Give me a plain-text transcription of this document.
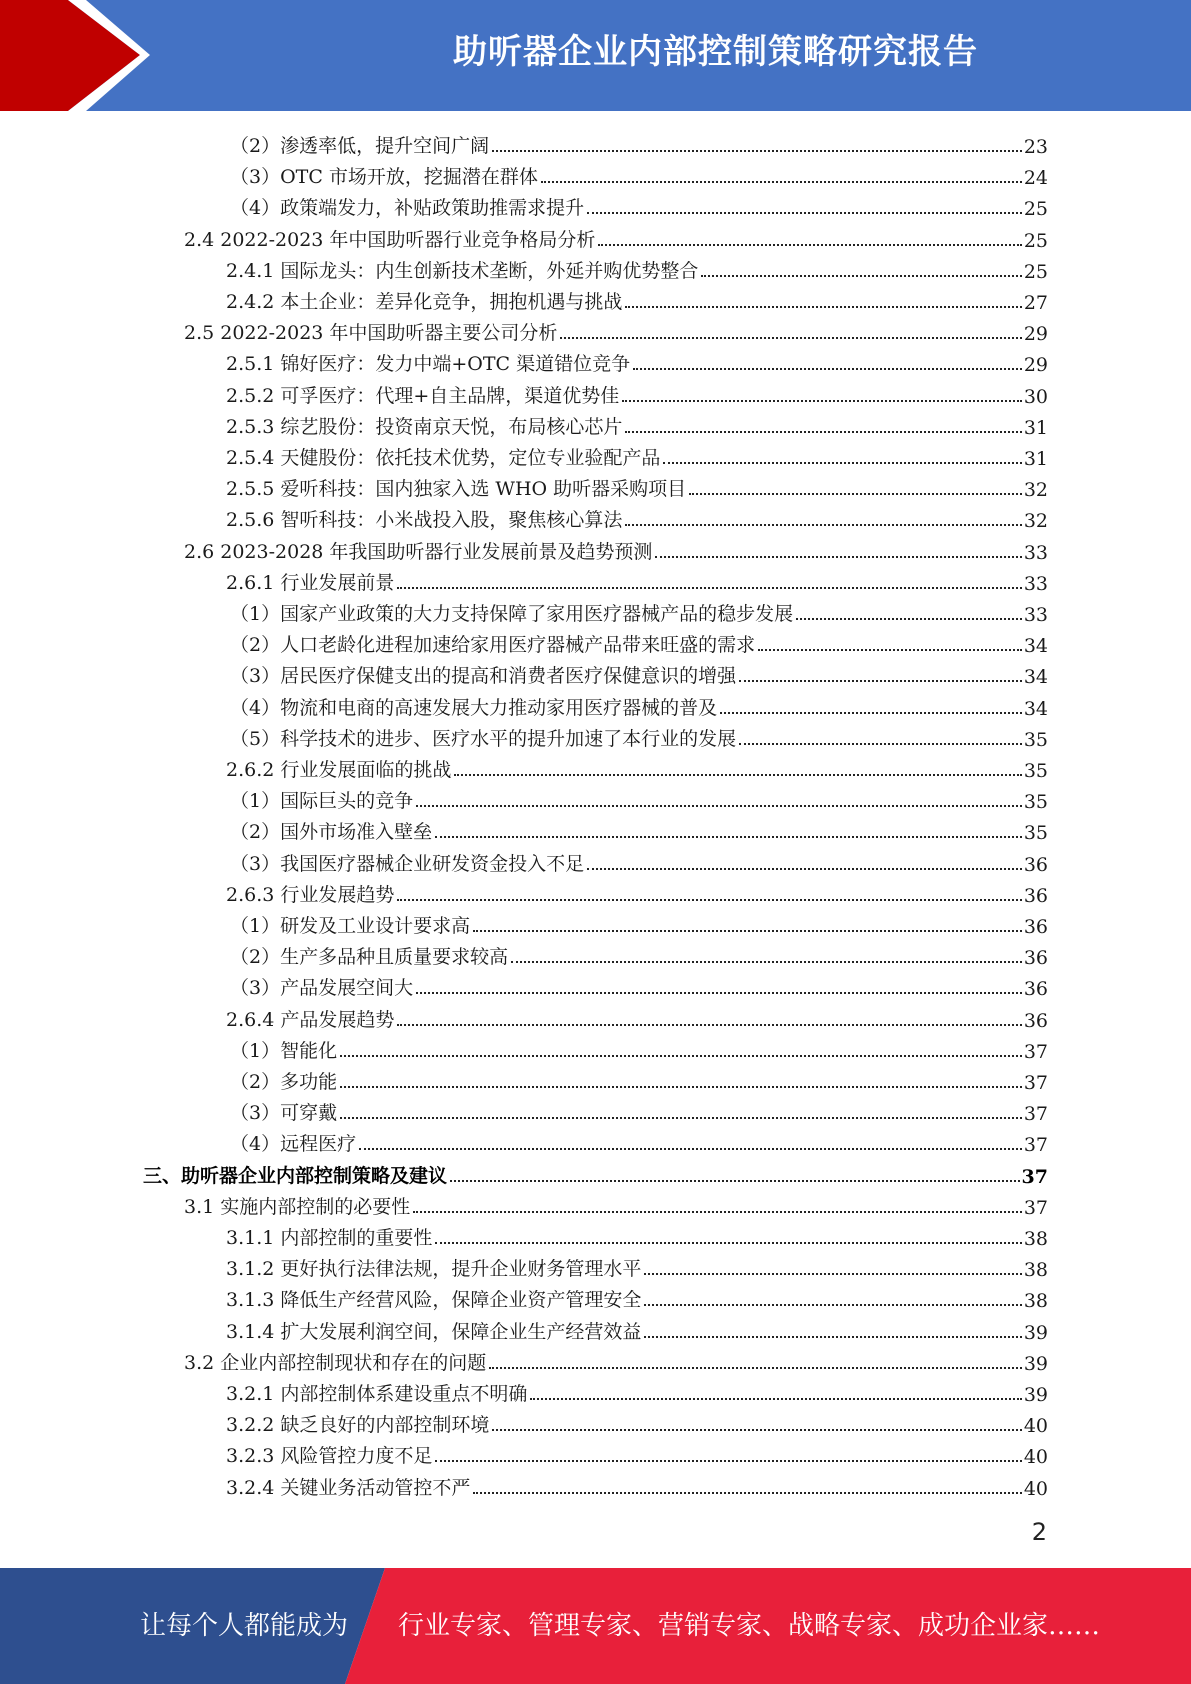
助听器企业内部控制策略研究报告
（2）渗透率低，提升空间广阔	23
（3）OTC 市场开放，挖掘潜在群体	24
（4）政策端发力，补贴政策助推需求提升	25
2.4 2022-2023 年中国助听器行业竞争格局分析	25
2.4.1 国际龙头：内生创新技术垄断，外延并购优势整合	25
2.4.2 本土企业：差异化竞争，拥抱机遇与挑战	27
2.5 2022-2023 年中国助听器主要公司分析	29
2.5.1 锦好医疗：发力中端+OTC 渠道错位竞争	29
2.5.2 可孚医疗：代理+自主品牌，渠道优势佳	30
2.5.3 综艺股份：投资南京天悦，布局核心芯片	31
2.5.4 天健股份：依托技术优势，定位专业验配产品	31
2.5.5 爱听科技：国内独家入选 WHO 助听器采购项目	32
2.5.6 智听科技：小米战投入股，聚焦核心算法	32
2.6 2023-2028 年我国助听器行业发展前景及趋势预测	33
2.6.1 行业发展前景	33
（1）国家产业政策的大力支持保障了家用医疗器械产品的稳步发展	33
（2）人口老龄化进程加速给家用医疗器械产品带来旺盛的需求	34
（3）居民医疗保健支出的提高和消费者医疗保健意识的增强	34
（4）物流和电商的高速发展大力推动家用医疗器械的普及	34
（5）科学技术的进步、医疗水平的提升加速了本行业的发展	35
2.6.2 行业发展面临的挑战	35
（1）国际巨头的竞争	35
（2）国外市场准入壁垒	35
（3）我国医疗器械企业研发资金投入不足	36
2.6.3 行业发展趋势	36
（1）研发及工业设计要求高	36
（2）生产多品种且质量要求较高	36
（3）产品发展空间大	36
2.6.4 产品发展趋势	36
（1）智能化	37
（2）多功能	37
（3）可穿戴	37
（4）远程医疗	37
三、助听器企业内部控制策略及建议	37
3.1 实施内部控制的必要性	37
3.1.1 内部控制的重要性	38
3.1.2 更好执行法律法规，提升企业财务管理水平	38
3.1.3 降低生产经营风险，保障企业资产管理安全	38
3.1.4 扩大发展利润空间，保障企业生产经营效益	39
3.2 企业内部控制现状和存在的问题	39
3.2.1 内部控制体系建设重点不明确	39
3.2.2 缺乏良好的内部控制环境	40
3.2.3 风险管控力度不足	40
3.2.4 关键业务活动管控不严	40
2
让每个人都能成为 行业专家、管理专家、营销专家、战略专家、成功企业家……
